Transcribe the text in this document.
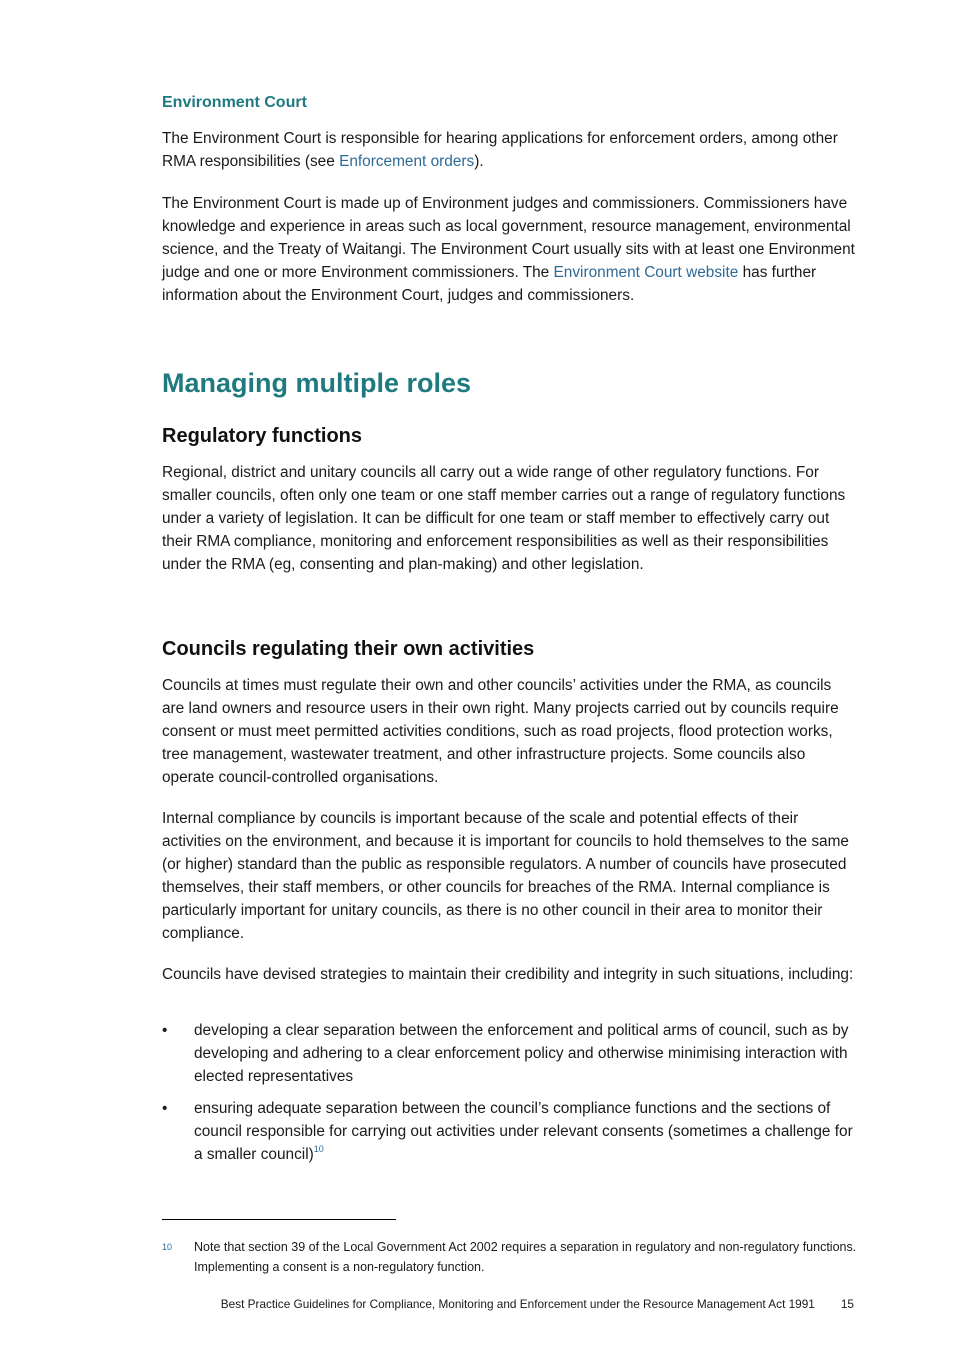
Environment Court

The Environment Court is responsible for hearing applications for enforcement orders, among other RMA responsibilities (see Enforcement orders).

The Environment Court is made up of Environment judges and commissioners. Commissioners have knowledge and experience in areas such as local government, resource management, environmental science, and the Treaty of Waitangi. The Environment Court usually sits with at least one Environment judge and one or more Environment commissioners. The Environment Court website has further information about the Environment Court, judges and commissioners.

Managing multiple roles
Regulatory functions

Regional, district and unitary councils all carry out a wide range of other regulatory functions. For smaller councils, often only one team or one staff member carries out a range of regulatory functions under a variety of legislation. It can be difficult for one team or staff member to effectively carry out their RMA compliance, monitoring and enforcement responsibilities as well as their responsibilities under the RMA (eg, consenting and plan-making) and other legislation.

Councils regulating their own activities

Councils at times must regulate their own and other councils’ activities under the RMA, as councils are land owners and resource users in their own right. Many projects carried out by councils require consent or must meet permitted activities conditions, such as road projects, flood protection works, tree management, wastewater treatment, and other infrastructure projects. Some councils also operate council-controlled organisations.

Internal compliance by councils is important because of the scale and potential effects of their activities on the environment, and because it is important for councils to hold themselves to the same (or higher) standard than the public as responsible regulators. A number of councils have prosecuted themselves, their staff members, or other councils for breaches of the RMA. Internal compliance is particularly important for unitary councils, as there is no other council in their area to monitor their compliance.

Councils have devised strategies to maintain their credibility and integrity in such situations, including:

• developing a clear separation between the enforcement and political arms of council, such as by developing and adhering to a clear enforcement policy and otherwise minimising interaction with elected representatives
• ensuring adequate separation between the council’s compliance functions and the sections of council responsible for carrying out activities under relevant consents (sometimes a challenge for a smaller council)$^{10}$
10	Note that section 39 of the Local Government Act 2002 requires a separation in regulatory and non-regulatory functions. Implementing a consent is a non-regulatory function.
Best Practice Guidelines for Compliance, Monitoring and Enforcement under the Resource Management Act 1991 15
